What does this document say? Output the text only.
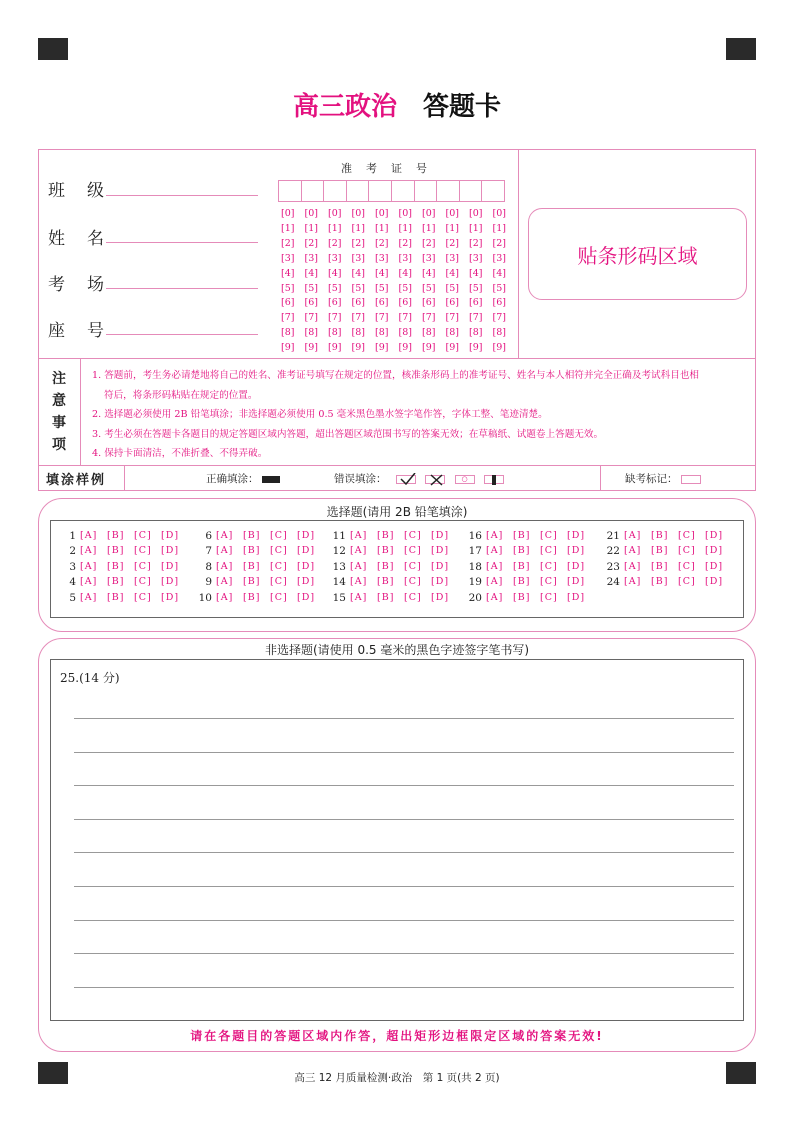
高三政治 答题卡
班级
姓名
考场
座号
准考证号
[0] [0] [0] [0] [0] [0] [0] [0] [0] [0]
[1] [1] [1] [1] [1] [1] [1] [1] [1] [1]
[2] [2] [2] [2] [2] [2] [2] [2] [2] [2]
[3] [3] [3] [3] [3] [3] [3] [3] [3] [3]
[4] [4] [4] [4] [4] [4] [4] [4] [4] [4]
[5] [5] [5] [5] [5] [5] [5] [5] [5] [5]
[6] [6] [6] [6] [6] [6] [6] [6] [6] [6]
[7] [7] [7] [7] [7] [7] [7] [7] [7] [7]
[8] [8] [8] [8] [8] [8] [8] [8] [8] [8]
[9] [9] [9] [9] [9] [9] [9] [9] [9] [9]
贴条形码区域
注
意
事
项
1. 答题前，考生务必请楚地将自己的姓名、准考证号填写在规定的位置，核准条形码上的准考证号、姓名与本人相符并完全正确及考试科目也相
符后，将条形码粘贴在规定的位置。
2. 选择题必须使用 2B 铅笔填涂；非选择题必须使用 0.5 毫米黑色墨水签字笔作答，字体工整、笔迹清楚。
3. 考生必须在答题卡各题目的规定答题区域内答题，超出答题区域范围书写的答案无效；在草稿纸、试题卷上答题无效。
4. 保持卡面清洁，不准折叠、不得弄破。
填涂样例	正确填涂：	错误填涂：
	○	缺考标记：
选择题(请用 2B 铅笔填涂)
1 [A]	[B]	[C] [D]
2 [A]	[B]	[C] [D]
3 [A]	[B]	[C] [D]
4 [A]	[B]	[C] [D]
5 [A]	[B]	[C] [D]
6 [A]	[B]	[C] [D]
7 [A]	[B]	[C] [D]
8 [A]	[B]	[C] [D]
9 [A]	[B]	[C] [D]
10 [A]	[B]	[C] [D]
11 [A]	[B]	[C] [D]
12 [A]	[B]	[C] [D]
13 [A]	[B]	[C] [D]
14 [A]	[B]	[C] [D]
15 [A]	[B]	[C] [D]
16 [A]	[B]	[C] [D]
17 [A]	[B]	[C] [D]
18 [A]	[B]	[C] [D]
19 [A]	[B]	[C] [D]
20 [A]	[B]	[C] [D]
21 [A]	[B]	[C] [D]
22 [A]	[B]	[C] [D]
23 [A]	[B]	[C] [D]
24 [A]	[B]	[C] [D]
非选择题(请使用 0.5 毫米的黑色字迹签字笔书写)
25.(14 分)
请在各题目的答题区域内作答，超出矩形边框限定区域的答案无效!
高三 12 月质量检测·政治　第 1 页(共 2 页)
